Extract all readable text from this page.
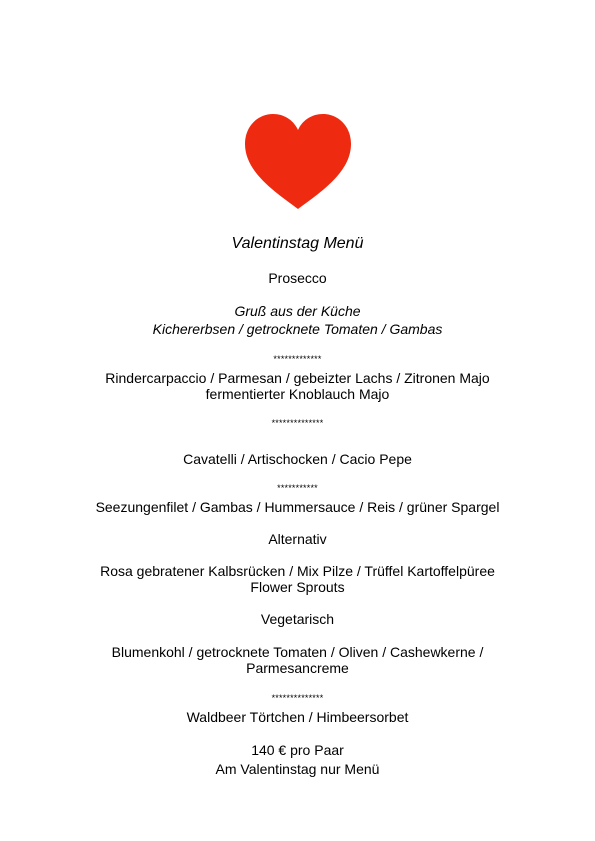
Valentinstag Menü
Prosecco
Gruß aus der Küche
Kichererbsen / getrocknete Tomaten / Gambas
*************
Rindercarpaccio / Parmesan / gebeizter Lachs / Zitronen Majo
fermentierter Knoblauch Majo
**************
Cavatelli / Artischocken / Cacio Pepe
***********
Seezungenfilet / Gambas / Hummersauce / Reis / grüner Spargel
Alternativ
Rosa gebratener Kalbsrücken / Mix Pilze / Trüffel Kartoffelpüree
Flower Sprouts
Vegetarisch
Blumenkohl / getrocknete Tomaten / Oliven / Cashewkerne /
Parmesancreme
**************
Waldbeer Törtchen / Himbeersorbet
140 € pro Paar
Am Valentinstag nur Menü
